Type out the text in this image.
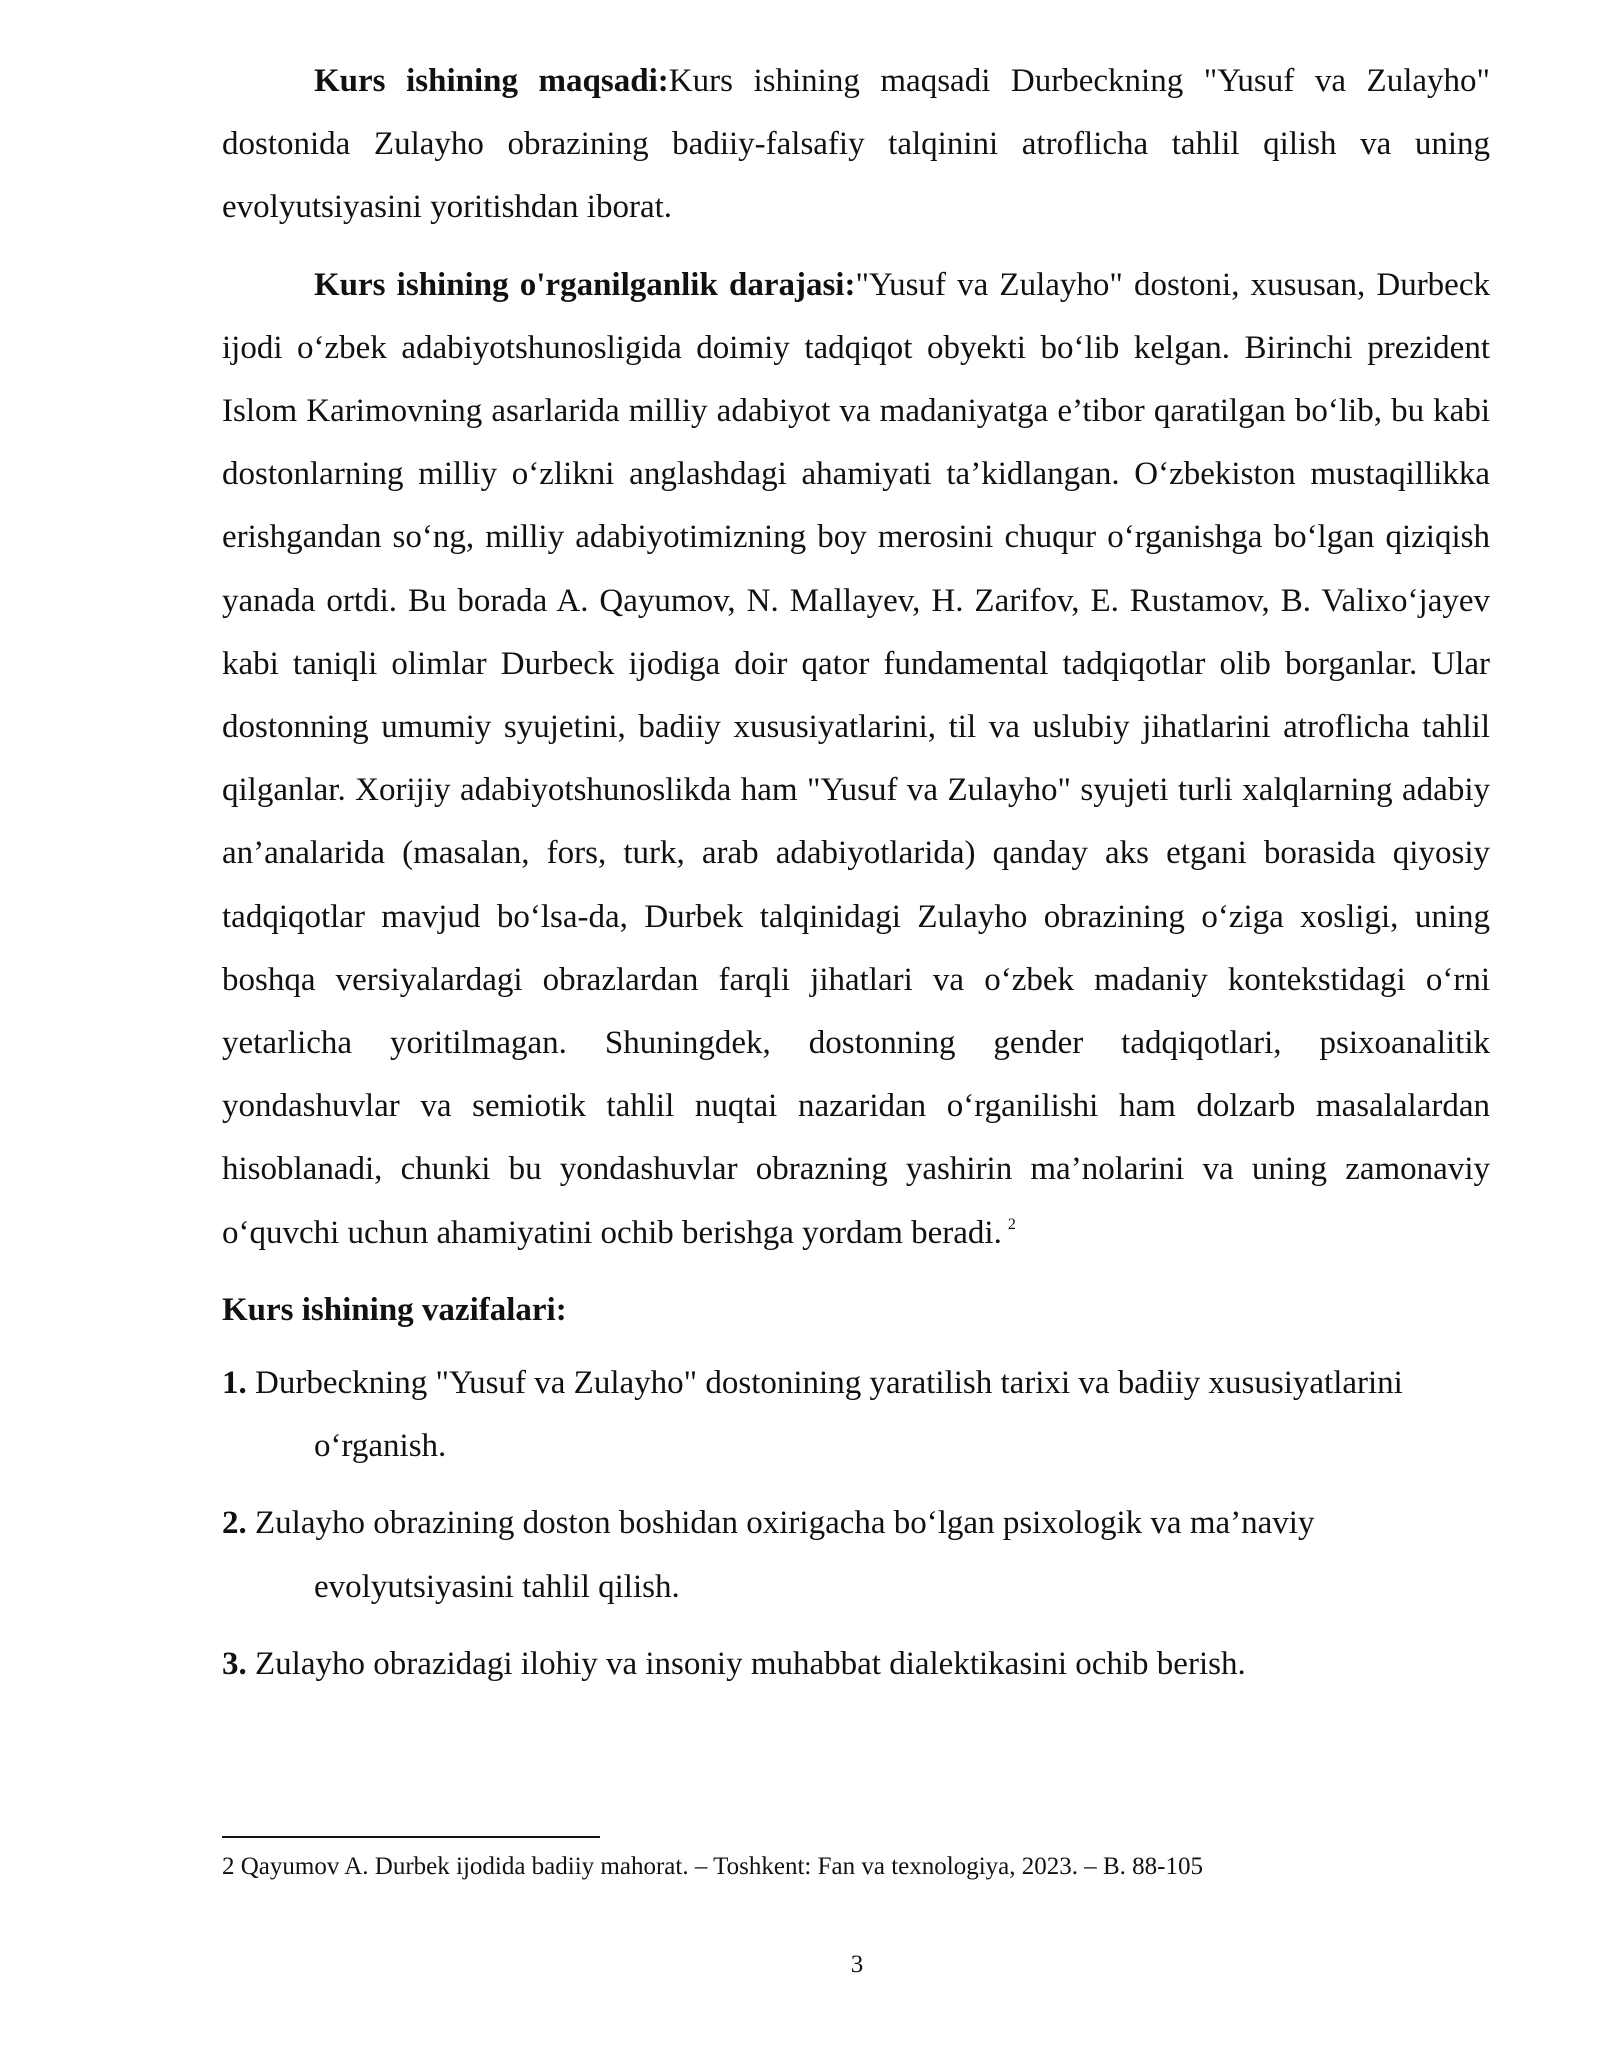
Kurs ishining maqsadi:Kurs ishining maqsadi Durbeckning "Yusuf va Zulayho" dostonida Zulayho obrazining badiiy-falsafiy talqinini atroflicha tahlil qilish va uning evolyutsiyasini yoritishdan iborat.

Kurs ishining o'rganilganlik darajasi:"Yusuf va Zulayho" dostoni, xususan, Durbeck ijodi o‘zbek adabiyotshunosligida doimiy tadqiqot obyekti bo‘lib kelgan. Birinchi prezident Islom Karimovning asarlarida milliy adabiyot va madaniyatga e’tibor qaratilgan bo‘lib, bu kabi dostonlarning milliy o‘zlikni anglashdagi ahamiyati ta’kidlangan. O‘zbekiston mustaqillikka erishgandan so‘ng, milliy adabiyotimizning boy merosini chuqur o‘rganishga bo‘lgan qiziqish yanada ortdi. Bu borada A. Qayumov, N. Mallayev, H. Zarifov, E. Rustamov, B. Valixo‘jayev kabi taniqli olimlar Durbeck ijodiga doir qator fundamental tadqiqotlar olib borganlar. Ular dostonning umumiy syujetini, badiiy xususiyatlarini, til va uslubiy jihatlarini atroflicha tahlil qilganlar. Xorijiy adabiyotshunoslikda ham "Yusuf va Zulayho" syujeti turli xalqlarning adabiy an’analarida (masalan, fors, turk, arab adabiyotlarida) qanday aks etgani borasida qiyosiy tadqiqotlar mavjud bo‘lsa-da, Durbek talqinidagi Zulayho obrazining o‘ziga xosligi, uning boshqa versiyalardagi obrazlardan farqli jihatlari va o‘zbek madaniy kontekstidagi o‘rni yetarlicha yoritilmagan. Shuningdek, dostonning gender tadqiqotlari, psixoanalitik yondashuvlar va semiotik tahlil nuqtai nazaridan o‘rganilishi ham dolzarb masalalardan hisoblanadi, chunki bu yondashuvlar obrazning yashirin ma’nolarini va uning zamonaviy o‘quvchi uchun ahamiyatini ochib berishga yordam beradi. $^2$

Kurs ishining vazifalari:
1. Durbeckning "Yusuf va Zulayho" dostonining yaratilish tarixi va badiiy xususiyatlarini o‘rganish.
2. Zulayho obrazining doston boshidan oxirigacha bo‘lgan psixologik va ma’naviy evolyutsiyasini tahlil qilish.
3. Zulayho obrazidagi ilohiy va insoniy muhabbat dialektikasini ochib berish.
2 Qayumov A. Durbek ijodida badiiy mahorat. – Toshkent: Fan va texnologiya, 2023. – B. 88-105
3
